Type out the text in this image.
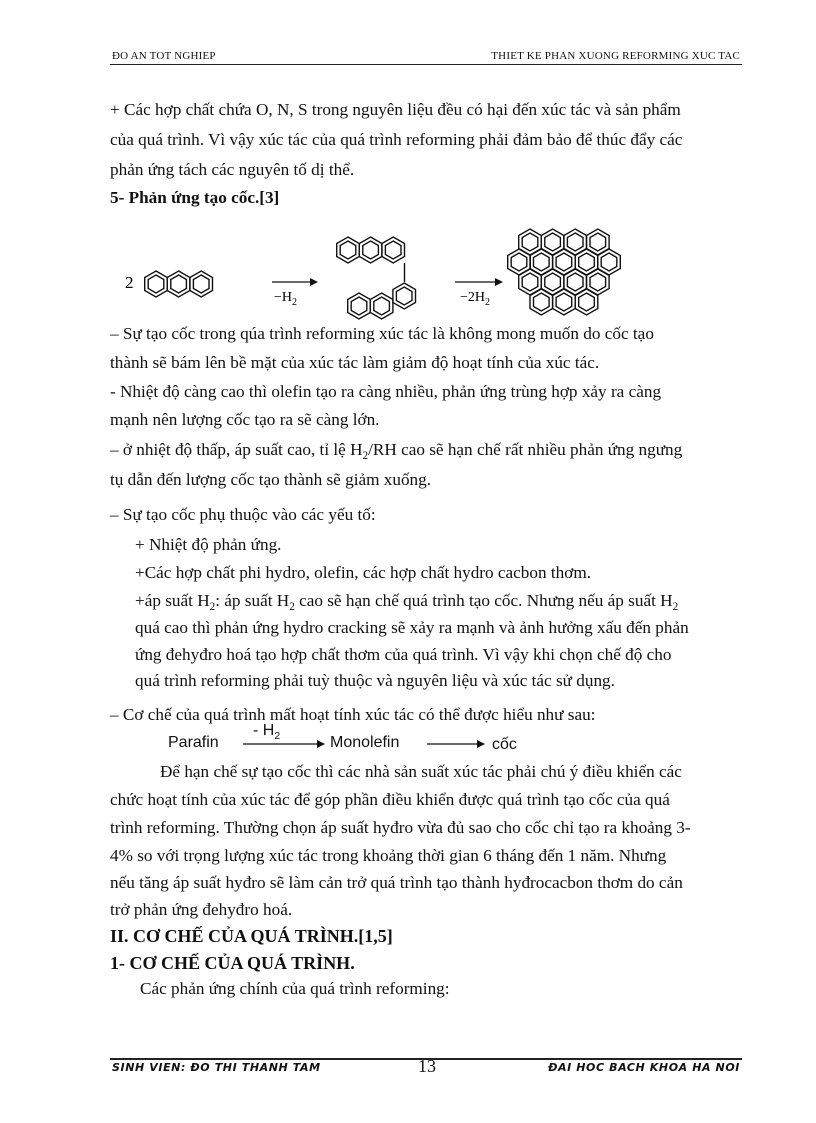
ĐO AN TOT NGHIEP	THIET KE PHAN XUONG REFORMING XUC TAC
+ Các hợp chất chứa O, N, S trong nguyên liệu đều có hại đến xúc tác và sản phẩm
của quá trình. Vì vậy xúc tác của quá trình reforming phải đảm bảo để thúc đẩy các
phản ứng tách các nguyên tố dị thể.
5- Phản ứng tạo cốc.[3]
2
$-H_2$	$-2H_2$
– Sự tạo cốc trong qúa trình reforming xúc tác là không mong muốn do cốc tạo
thành sẽ bám lên bề mặt của xúc tác làm giảm độ hoạt tính của xúc tác.
- Nhiệt độ càng cao thì olefin tạo ra càng nhiều, phản ứng trùng hợp xảy ra càng
mạnh nên lượng cốc tạo ra sẽ càng lớn.
– ở nhiệt độ thấp, áp suất cao, tỉ lệ $H_2/RH$ cao sẽ hạn chế rất nhiều phản ứng ngưng
tụ dẫn đến lượng cốc tạo thành sẽ giảm xuống.
– Sự tạo cốc phụ thuộc vào các yếu tố:
+ Nhiệt độ phản ứng.
+Các hợp chất phi hydro, olefin, các hợp chất hydro cacbon thơm.
+áp suất $H_2$: áp suất $H_2$ cao sẽ hạn chế quá trình tạo cốc. Nhưng nếu áp suất $H_2$
quá cao thì phản ứng hydro cracking sẽ xảy ra mạnh và ảnh hưởng xấu đến phản
ứng đehyđro hoá tạo hợp chất thơm của quá trình. Vì vậy khi chọn chế độ cho
quá trình reforming phải tuỳ thuộc và nguyên liệu và xúc tác sử dụng.
– Cơ chế của quá trình mất hoạt tính xúc tác có thể được hiểu như sau:
Parafin
- $H_2$	Monolefin	cốc
Để hạn chế sự tạo cốc thì các nhà sản suất xúc tác phải chú ý điều khiển các
chức hoạt tính của xúc tác để góp phần điều khiển được quá trình tạo cốc của quá
trình reforming. Thường chọn áp suất hyđro vừa đủ sao cho cốc chỉ tạo ra khoảng 3-
4% so với trọng lượng xúc tác trong khoảng thời gian 6 tháng đến 1 năm. Nhưng
nếu tăng áp suất hyđro sẽ làm cản trở quá trình tạo thành hyđrocacbon thơm do cản
trở phản ứng đehyđro hoá.
II. CƠ CHẾ CỦA QUÁ TRÌNH.[1,5]
1- CƠ CHẾ CỦA QUÁ TRÌNH.
Các phản ứng chính của quá trình reforming:
SINH VIEN: ĐO THI THANH TAM	13	ĐAI HOC BACH KHOA HA NOI
